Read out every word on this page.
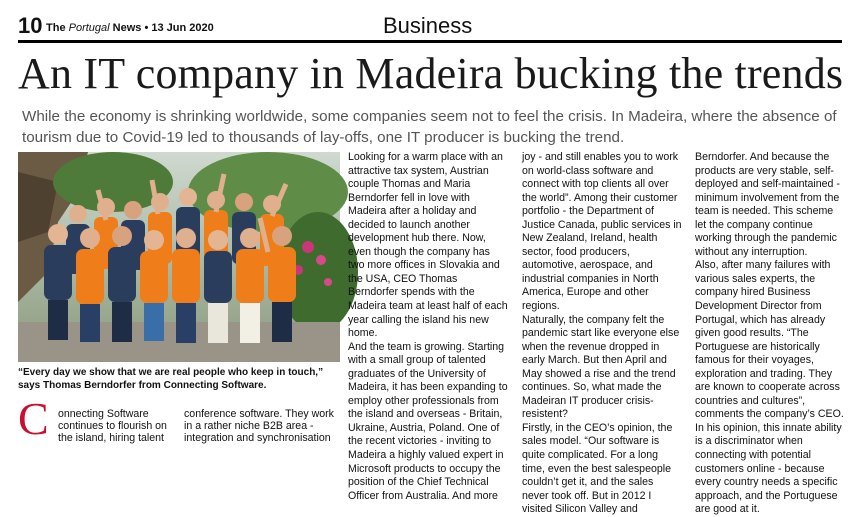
10 The Portugal News • 13 Jun 2020	Business
An IT company in Madeira bucking the trends
While the economy is shrinking worldwide, some companies seem not to feel the crisis. In Madeira, where the absence of tourism due to Covid-19 led to thousands of lay-offs, one IT producer is bucking the trend.
“Every day we show that we are real people who keep in touch,” says Thomas Berndorfer from Connecting Software.
C onnecting Software continues to flourish on the island, hiring talent
conference software. They work in a rather niche B2B area - integration and synchronisation

Looking for a warm place with an attractive tax system, Austrian couple Thomas and Maria Berndorfer fell in love with Madeira after a holiday and decided to launch another development hub there. Now, even though the company has two more offices in Slovakia and the USA, CEO Thomas Berndorfer spends with the Madeira team at least half of each year calling the island his new home.

And the team is growing. Starting with a small group of talented graduates of the University of Madeira, it has been expanding to employ other professionals from the island and overseas - Britain, Ukraine, Austria, Poland. One of the recent victories - inviting to Madeira a highly valued expert in Microsoft products to occupy the position of the Chief Technical Officer from Australia. And more

joy - and still enables you to work on world-class software and connect with top clients all over the world”. Among their customer portfolio - the Department of Justice Canada, public services in New Zealand, Ireland, health sector, food producers, automotive, aerospace, and industrial companies in North America, Europe and other regions.

Naturally, the company felt the pandemic start like everyone else when the revenue dropped in early March. But then April and May showed a rise and the trend continues. So, what made the Madeiran IT producer crisis-resistent?

Firstly, in the CEO’s opinion, the sales model. “Our software is quite complicated. For a long time, even the best salespeople couldn’t get it, and the sales never took off. But in 2012 I visited Silicon Valley and

Berndorfer. And because the products are very stable, self-deployed and self-maintained - minimum involvement from the team is needed. This scheme let the company continue working through the pandemic without any interruption.

Also, after many failures with various sales experts, the company hired Business Development Director from Portugal, which has already given good results. “The Portuguese are historically famous for their voyages, exploration and trading. They are known to cooperate across countries and cultures”, comments the company’s CEO. In his opinion, this innate ability is a discriminator when connecting with potential customers online - because every country needs a specific approach, and the Portuguese are good at it.
